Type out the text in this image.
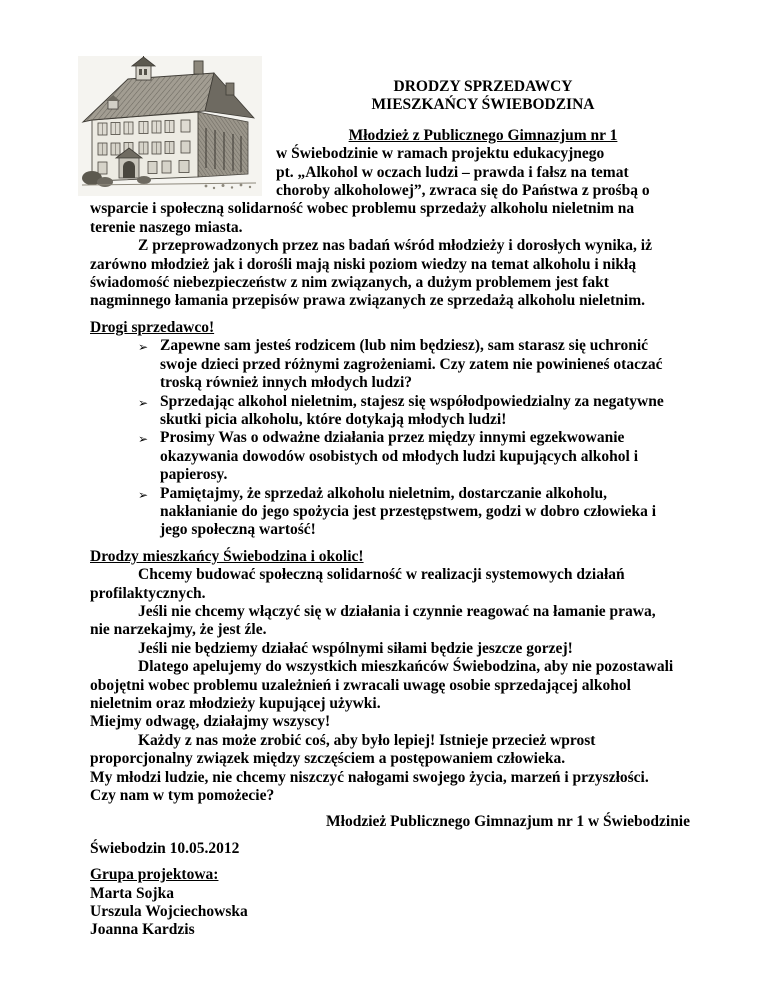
DRODZY SPRZEDAWCY
MIESZKAŃCY ŚWIEBODZINA
Młodzież z Publicznego Gimnazjum nr 1
w Świebodzinie w ramach projektu edukacyjnego
pt. „Alkohol w oczach ludzi – prawda i fałsz na temat
choroby alkoholowej”, zwraca się do Państwa z prośbą o
wsparcie i społeczną solidarność wobec problemu sprzedaży alkoholu nieletnim na
terenie naszego miasta.
Z przeprowadzonych przez nas badań wśród młodzieży i dorosłych wynika, iż
zarówno młodzież jak i dorośli mają niski poziom wiedzy na temat alkoholu i nikłą
świadomość niebezpieczeństw z nim związanych, a dużym problemem jest fakt
nagminnego łamania przepisów prawa związanych ze sprzedażą alkoholu nieletnim.
Drogi sprzedawco!
➢ Zapewne sam jesteś rodzicem (lub nim będziesz), sam starasz się uchronić
swoje dzieci przed różnymi zagrożeniami. Czy zatem nie powinieneś otaczać
troską również innych młodych ludzi?
➢ Sprzedając alkohol nieletnim, stajesz się współodpowiedzialny za negatywne
skutki picia alkoholu, które dotykają młodych ludzi!
➢ Prosimy Was o odważne działania przez między innymi egzekwowanie
okazywania dowodów osobistych od młodych ludzi kupujących alkohol i
papierosy.
➢ Pamiętajmy, że sprzedaż alkoholu nieletnim, dostarczanie alkoholu,
nakłanianie do jego spożycia jest przestępstwem, godzi w dobro człowieka i
jego społeczną wartość!
Drodzy mieszkańcy Świebodzina i okolic!
Chcemy budować społeczną solidarność w realizacji systemowych działań
profilaktycznych.
Jeśli nie chcemy włączyć się w działania i czynnie reagować na łamanie prawa,
nie narzekajmy, że jest źle.
Jeśli nie będziemy działać wspólnymi siłami będzie jeszcze gorzej!
Dlatego apelujemy do wszystkich mieszkańców Świebodzina, aby nie pozostawali
obojętni wobec problemu uzależnień i zwracali uwagę osobie sprzedającej alkohol
nieletnim oraz młodzieży kupującej używki.
Miejmy odwagę, działajmy wszyscy!
Każdy z nas może zrobić coś, aby było lepiej! Istnieje przecież wprost
proporcjonalny związek między szczęściem a postępowaniem człowieka.
My młodzi ludzie, nie chcemy niszczyć nałogami swojego życia, marzeń i przyszłości.
Czy nam w tym pomożecie?
Młodzież Publicznego Gimnazjum nr 1 w Świebodzinie
Świebodzin 10.05.2012
Grupa projektowa:
Marta Sojka
Urszula Wojciechowska
Joanna Kardzis
